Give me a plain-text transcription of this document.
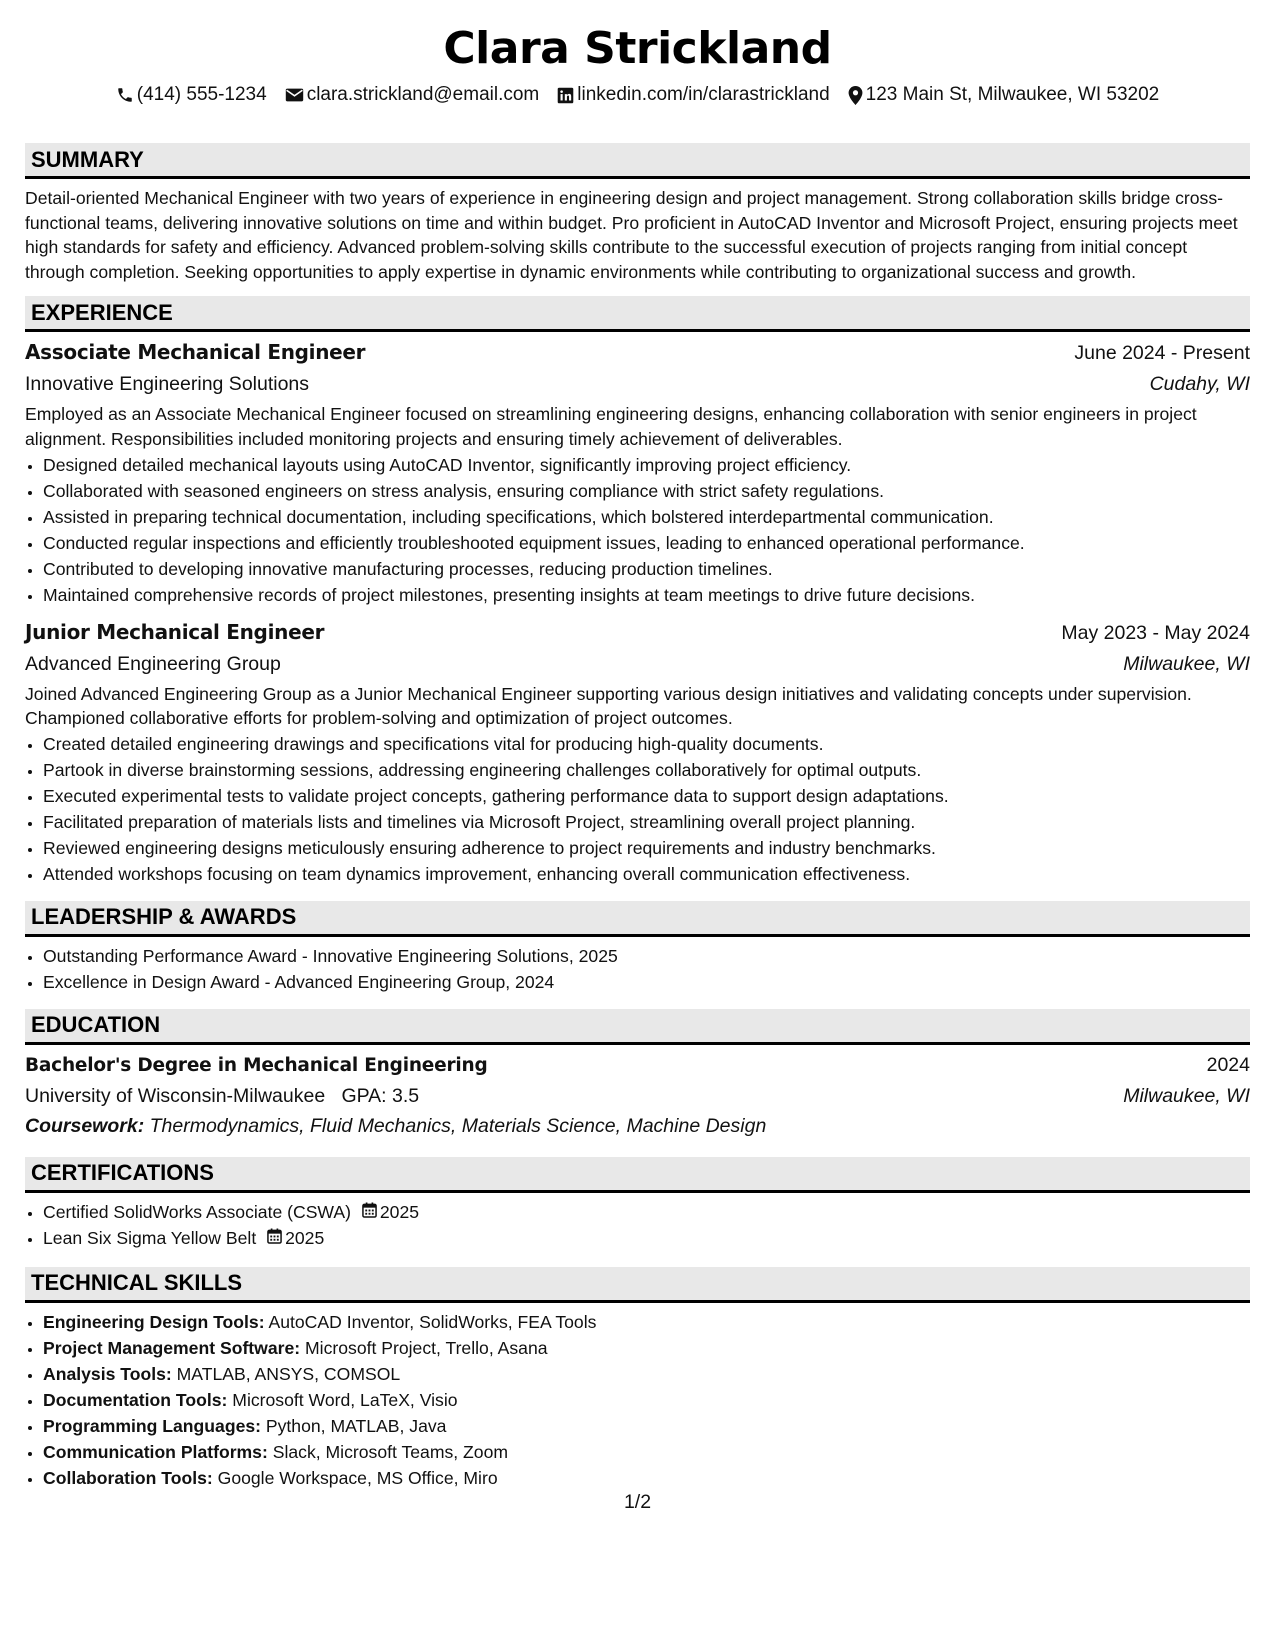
Clara Strickland
(414) 555-1234 clara.strickland@email.com linkedin.com/in/clarastrickland 123 Main St, Milwaukee, WI 53202
SUMMARY

Detail-oriented Mechanical Engineer with two years of experience in engineering design and project management. Strong collaboration skills bridge cross-functional teams, delivering innovative solutions on time and within budget. Pro proficient in AutoCAD Inventor and Microsoft Project, ensuring projects meet high standards for safety and efficiency. Advanced problem-solving skills contribute to the successful execution of projects ranging from initial concept through completion. Seeking opportunities to apply expertise in dynamic environments while contributing to organizational success and growth.

EXPERIENCE
Associate Mechanical Engineer	June 2024 - Present
Innovative Engineering Solutions	Cudahy, WI

Employed as an Associate Mechanical Engineer focused on streamlining engineering designs, enhancing collaboration with senior engineers in project alignment. Responsibilities included monitoring projects and ensuring timely achievement of deliverables.

• Designed detailed mechanical layouts using AutoCAD Inventor, significantly improving project efficiency.
• Collaborated with seasoned engineers on stress analysis, ensuring compliance with strict safety regulations.
• Assisted in preparing technical documentation, including specifications, which bolstered interdepartmental communication.
• Conducted regular inspections and efficiently troubleshooted equipment issues, leading to enhanced operational performance.
• Contributed to developing innovative manufacturing processes, reducing production timelines.
• Maintained comprehensive records of project milestones, presenting insights at team meetings to drive future decisions.
Junior Mechanical Engineer	May 2023 - May 2024
Advanced Engineering Group	Milwaukee, WI

Joined Advanced Engineering Group as a Junior Mechanical Engineer supporting various design initiatives and validating concepts under supervision. Championed collaborative efforts for problem-solving and optimization of project outcomes.

• Created detailed engineering drawings and specifications vital for producing high-quality documents.
• Partook in diverse brainstorming sessions, addressing engineering challenges collaboratively for optimal outputs.
• Executed experimental tests to validate project concepts, gathering performance data to support design adaptations.
• Facilitated preparation of materials lists and timelines via Microsoft Project, streamlining overall project planning.
• Reviewed engineering designs meticulously ensuring adherence to project requirements and industry benchmarks.
• Attended workshops focusing on team dynamics improvement, enhancing overall communication effectiveness.
LEADERSHIP & AWARDS
• Outstanding Performance Award - Innovative Engineering Solutions, 2025
• Excellence in Design Award - Advanced Engineering Group, 2024
EDUCATION
Bachelor's Degree in Mechanical Engineering	2024
University of Wisconsin-Milwaukee GPA: 3.5	Milwaukee, WI
Coursework: Thermodynamics, Fluid Mechanics, Materials Science, Machine Design
CERTIFICATIONS
• Certified SolidWorks Associate (CSWA) 2025
• Lean Six Sigma Yellow Belt 2025
TECHNICAL SKILLS
• Engineering Design Tools: AutoCAD Inventor, SolidWorks, FEA Tools
• Project Management Software: Microsoft Project, Trello, Asana
• Analysis Tools: MATLAB, ANSYS, COMSOL
• Documentation Tools: Microsoft Word, LaTeX, Visio
• Programming Languages: Python, MATLAB, Java
• Communication Platforms: Slack, Microsoft Teams, Zoom
• Collaboration Tools: Google Workspace, MS Office, Miro
1/2
